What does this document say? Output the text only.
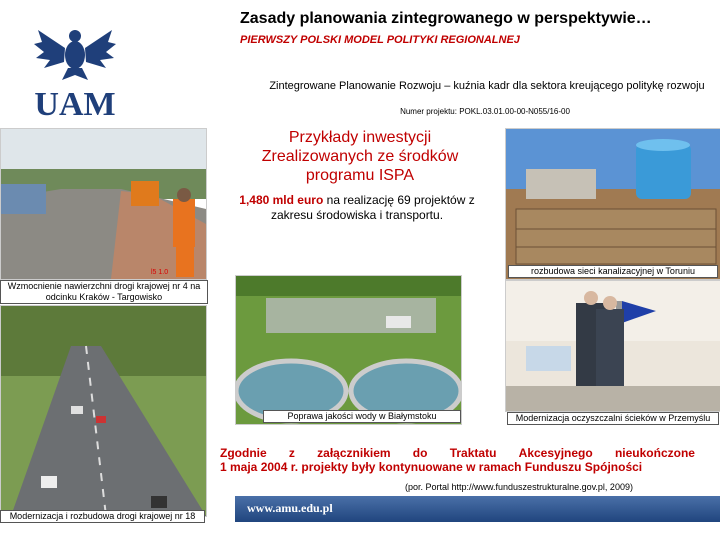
Zasady planowania zintegrowanego w perspektywie…
PIERWSZY POLSKI MODEL POLITYKI REGIONALNEJ
UAM	Zintegrowane Planowanie Rozwoju – kuźnia kadr dla sektora kreującego politykę rozwoju
Numer projektu: POKL.03.01.00-00-N055/16-00
l5 1.0
Przykłady inwestycji Zrealizowanych ze środków programu ISPA
1,480 mld euro na realizację 69 projektów z zakresu środowiska i transportu.
rozbudowa sieci kanalizacyjnej w Toruniu
Wzmocnienie nawierzchni drogi krajowej nr 4 na odcinku Kraków - Targowisko
Poprawa jakości wody w Białymstoku	Modernizacja oczyszczalni ścieków w Przemyślu
Zgodnie z załącznikiem do Traktatu Akcesyjnego nieukończone
1 maja 2004 r. projekty były kontynuowane w ramach Funduszu Spójności
(por. Portal http://www.funduszestrukturalne.gov.pl, 2009)
Modernizacja i rozbudowa drogi krajowej nr 18
www.amu.edu.pl
